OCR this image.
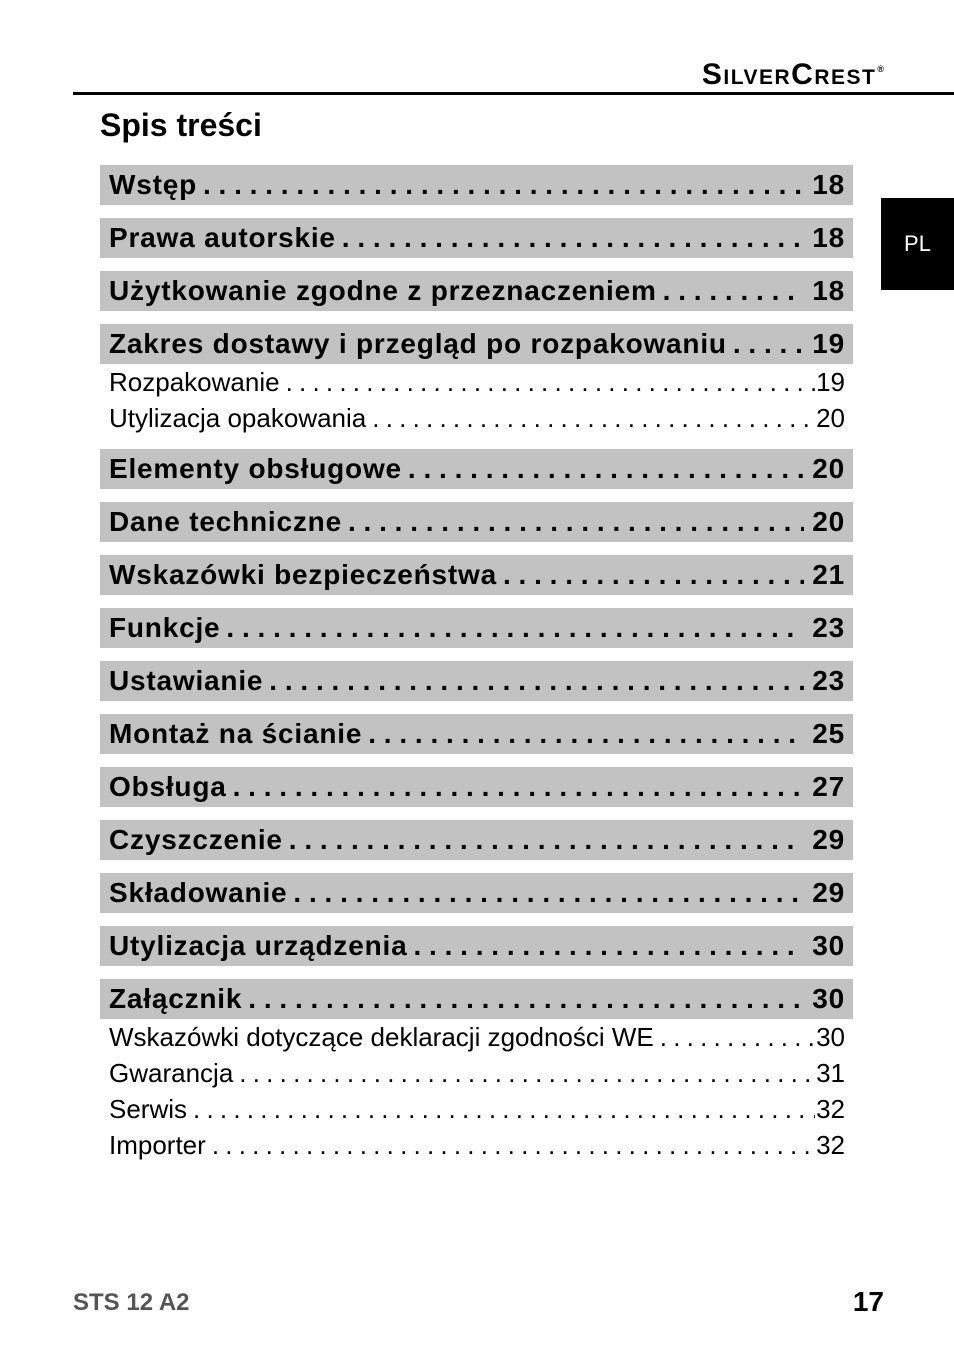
SilverCrest®
Spis treści
PL
Wstęp . . .	18
Prawa autorskie . . .	18
Użytkowanie zgodne z przeznaczeniem . . .	18
Zakres dostawy i przegląd po rozpakowaniu . . .	19
Rozpakowanie . . .	19
Utylizacja opakowania . . .	20
Elementy obsługowe . . .	20
Dane techniczne . . .	20
Wskazówki bezpieczeństwa . . .	21
Funkcje . . .	23
Ustawianie . . .	23
Montaż na ścianie . . .	25
Obsługa . . .	27
Czyszczenie . . .	29
Składowanie . . .	29
Utylizacja urządzenia . . .	30
Załącznik . . .	30
Wskazówki dotyczące deklaracji zgodności WE . . .	30
Gwarancja . . .	31
Serwis . . .	32
Importer . . .	32
STS 12 A2	17
